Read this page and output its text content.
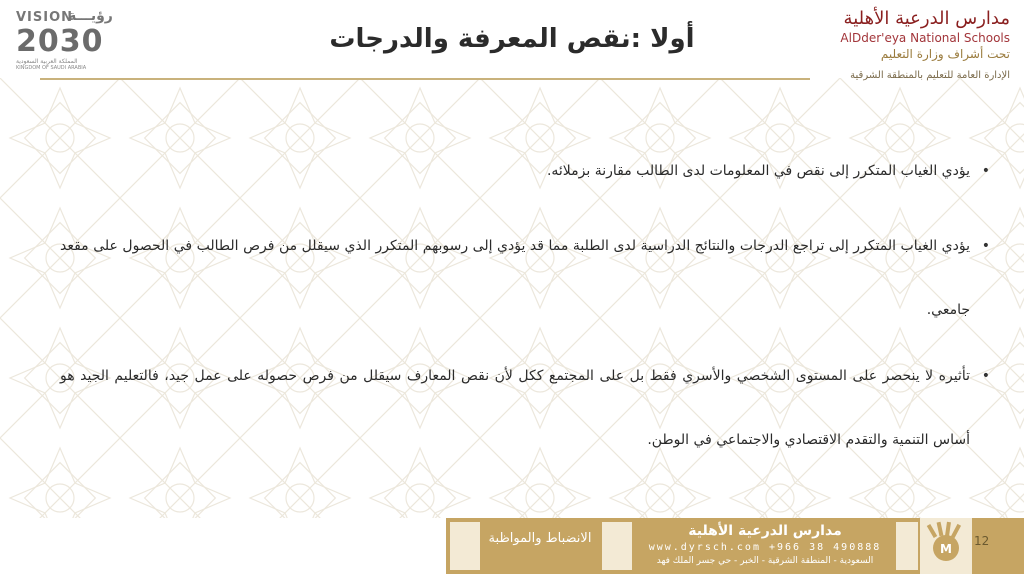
VISION
رؤيـــة
2030
المملكة العربية السعودية
KINGDOM OF SAUDI ARABIA
أولا :نقص المعرفة والدرجات
مدارس الدرعية الأهلية
AlDder'eya National Schools
تحت أشراف وزارة التعليم
الإدارة العامة للتعليم بالمنطقة الشرقية
•
يؤدي الغياب المتكرر إلى نقص في المعلومات لدى الطالب مقارنة بزملائه.
•
يؤدي الغياب المتكرر إلى تراجع الدرجات والنتائج الدراسية لدى الطلبة مما قد يؤدي إلى رسوبهم المتكرر الذي سيقلل من فرص الطالب في الحصول على مقعد جامعي.
•
تأثيره لا ينحصر على المستوى الشخصي والأسري فقط بل على المجتمع ككل لأن نقص المعارف سيقلل من فرص حصوله على عمل جيد، فالتعليم الجيد هو أساس التنمية والتقدم الاقتصادي والاجتماعي في الوطن.
الانضباط والمواظبة	مدارس الدرعية الأهلية
www.dyrsch.com +966 38 490888
السعودية - المنطقة الشرقية - الخبر - حي جسر الملك فهد
M
12
